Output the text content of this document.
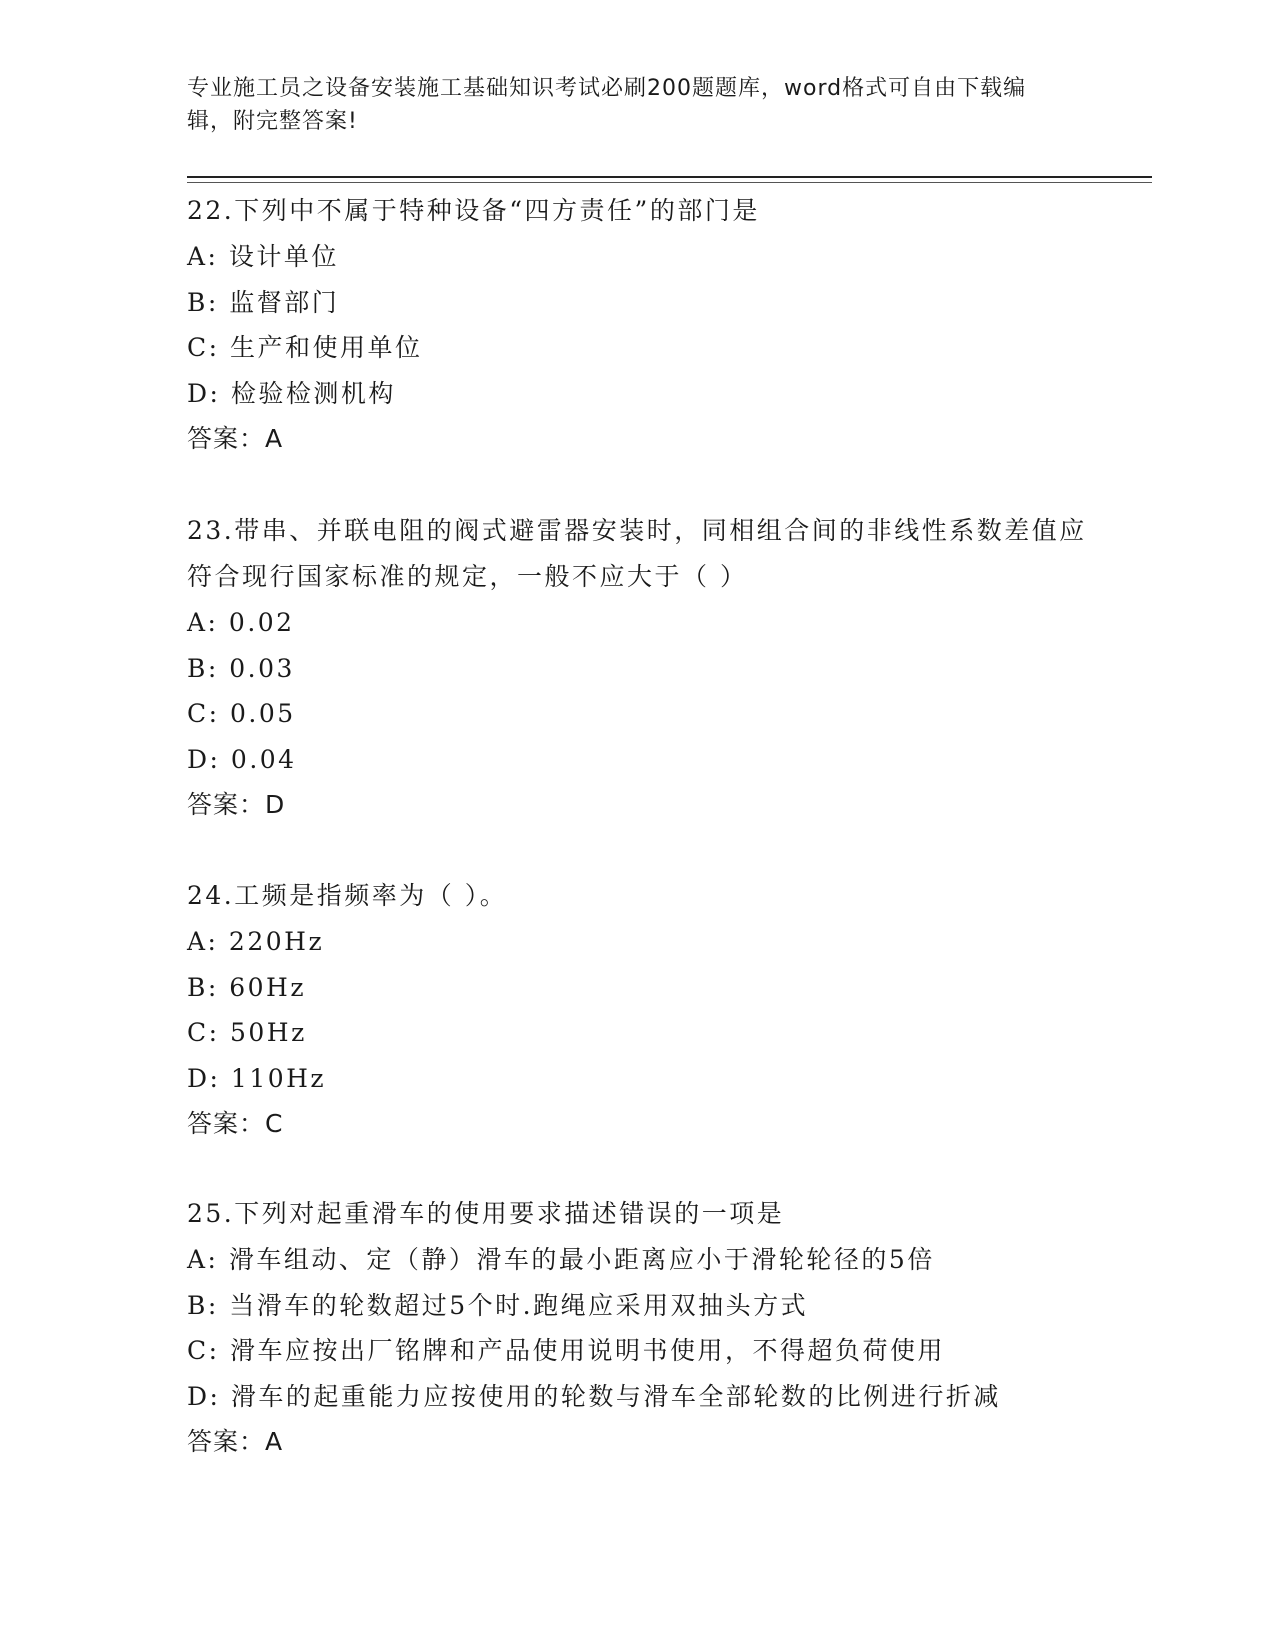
专业施工员之设备安装施工基础知识考试必刷200题题库，word格式可自由下载编辑，附完整答案!

22.下列中不属于特种设备“四方责任”的部门是

A: 设计单位

B: 监督部门

C: 生产和使用单位

D: 检验检测机构

答案：A

23.带串、并联电阻的阀式避雷器安装时，同相组合间的非线性系数差值应符合现行国家标准的规定，一般不应大于（ ）

A: 0.02

B: 0.03

C: 0.05

D: 0.04

答案：D

24.工频是指频率为（ ）。

A: 220Hz

B: 60Hz

C: 50Hz

D: 110Hz

答案：C

25.下列对起重滑车的使用要求描述错误的一项是

A: 滑车组动、定（静）滑车的最小距离应小于滑轮轮径的5倍

B: 当滑车的轮数超过5个时.跑绳应采用双抽头方式

C: 滑车应按出厂铭牌和产品使用说明书使用，不得超负荷使用

D: 滑车的起重能力应按使用的轮数与滑车全部轮数的比例进行折减

答案：A
